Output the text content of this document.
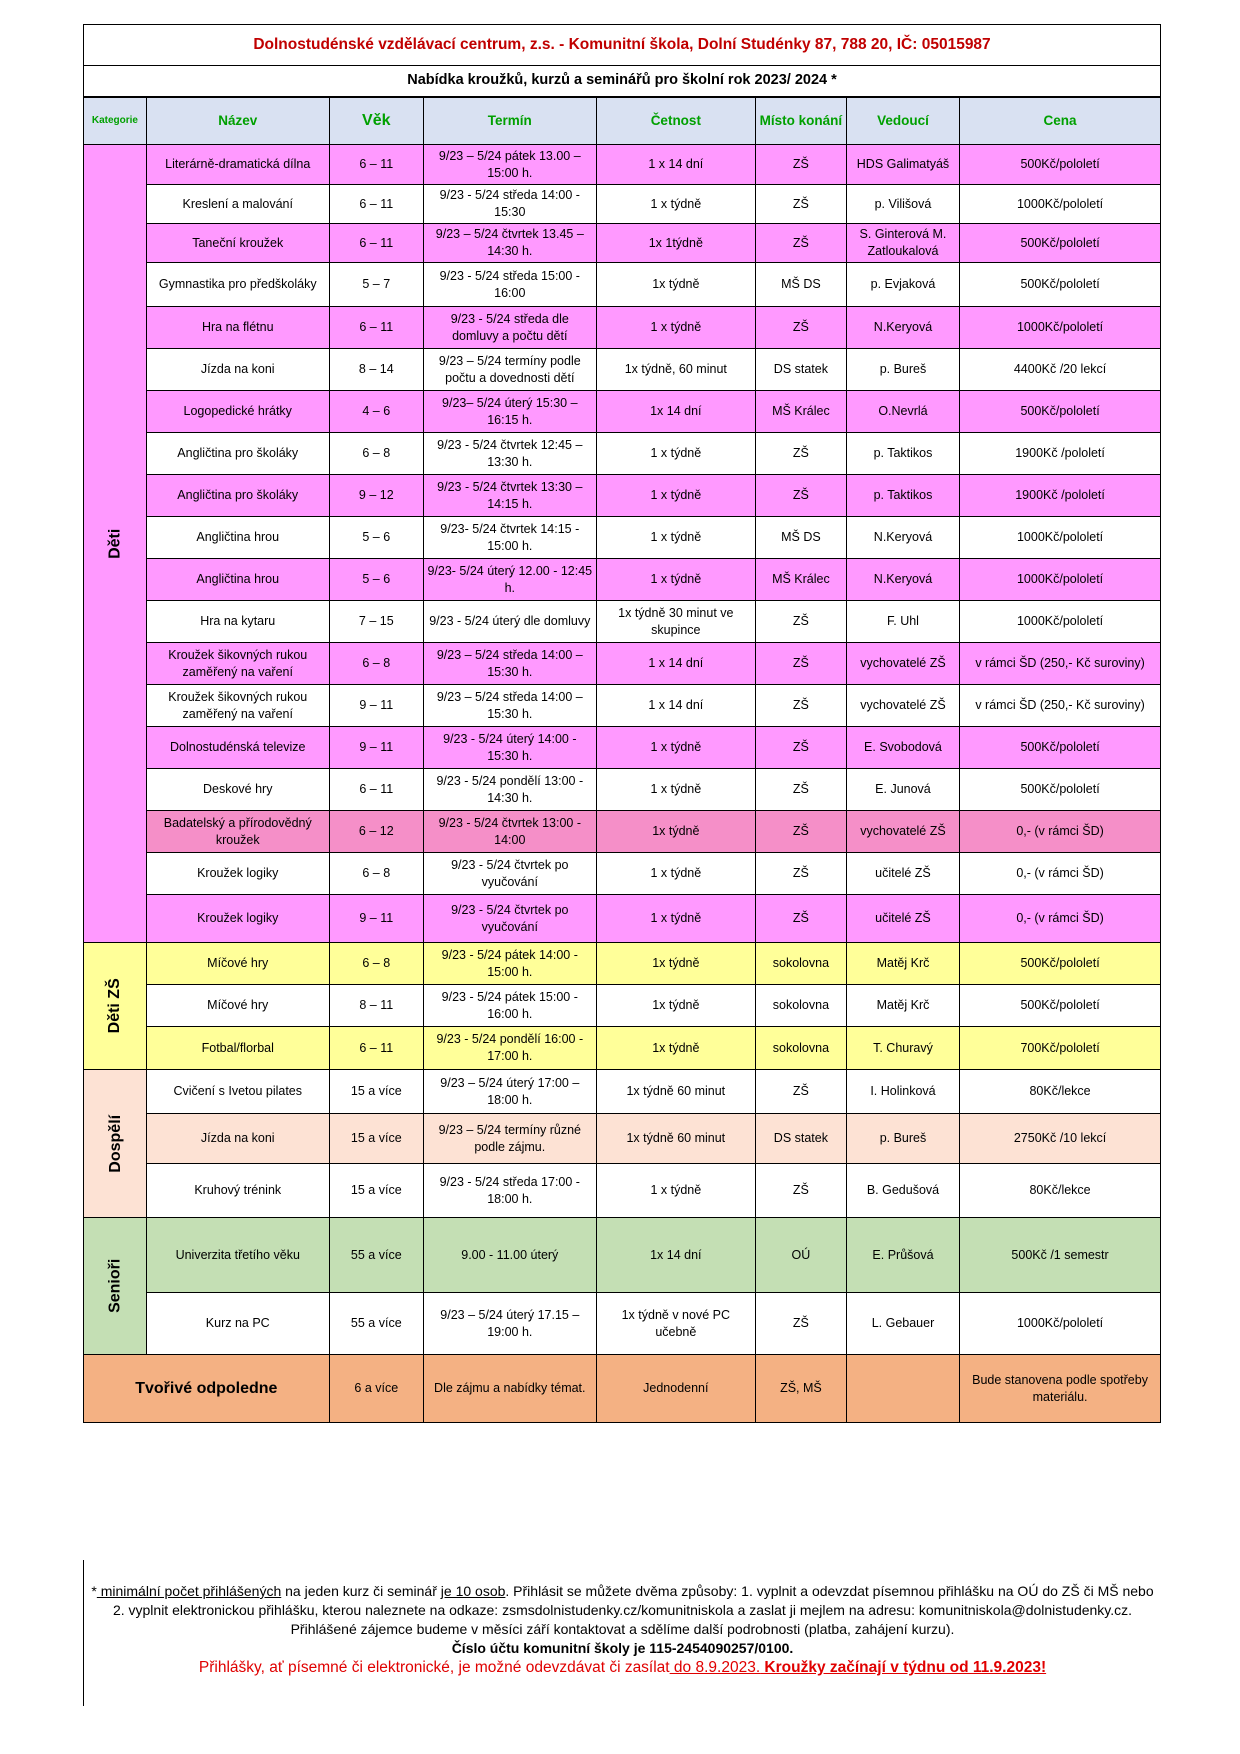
Dolnostudénské vzdělávací centrum, z.s. - Komunitní škola, Dolní Studénky 87, 788 20, IČ: 05015987
Nabídka kroužků, kurzů a seminářů pro školní rok 2023/ 2024 *
Kategorie	Název	Věk	Termín	Četnost	Místo konání	Vedoucí	Cena
Děti	Literárně-dramatická dílna	6 – 11	9/23 – 5/24 pátek 13.00 – 15:00 h.	1 x 14 dní	ZŠ	HDS Galimatyáš	500Kč/pololetí
	Kreslení a malování	6 – 11	9/23 - 5/24 středa 14:00 - 15:30	1 x týdně	ZŠ	p. Vilišová	1000Kč/pololetí
	Taneční kroužek	6 – 11	9/23 – 5/24 čtvrtek 13.45 – 14:30 h.	1x 1týdně	ZŠ	S. Ginterová M. Zatloukalová	500Kč/pololetí
	Gymnastika pro předškoláky	5 – 7	9/23 - 5/24 středa 15:00 - 16:00	1x týdně	MŠ DS	p. Evjaková	500Kč/pololetí
	Hra na flétnu	6 – 11	9/23 - 5/24 středa dle domluvy a počtu dětí	1 x týdně	ZŠ	N.Keryová	1000Kč/pololetí
	Jízda na koni	8 – 14	9/23 – 5/24 termíny podle počtu a dovednosti dětí	1x týdně, 60 minut	DS statek	p. Bureš	4400Kč /20 lekcí
	Logopedické hrátky	4 – 6	9/23– 5/24 úterý 15:30 – 16:15 h.	1x 14 dní	MŠ Králec	O.Nevrlá	500Kč/pololetí
	Angličtina pro školáky	6 – 8	9/23 - 5/24 čtvrtek 12:45 – 13:30 h.	1 x týdně	ZŠ	p. Taktikos	1900Kč /pololetí
	Angličtina pro školáky	9 – 12	9/23 - 5/24 čtvrtek 13:30 – 14:15 h.	1 x týdně	ZŠ	p. Taktikos	1900Kč /pololetí
	Angličtina hrou	5 – 6	9/23- 5/24 čtvrtek 14:15 - 15:00 h.	1 x týdně	MŠ DS	N.Keryová	1000Kč/pololetí
	Angličtina hrou	5 – 6	9/23- 5/24 úterý 12.00 - 12:45 h.	1 x týdně	MŠ Králec	N.Keryová	1000Kč/pololetí
	Hra na kytaru	7 – 15	9/23 - 5/24 úterý dle domluvy	1x týdně 30 minut ve skupince	ZŠ	F. Uhl	1000Kč/pololetí
	Kroužek šikovných rukou zaměřený na vaření	6 – 8	9/23 – 5/24 středa 14:00 – 15:30 h.	1 x 14 dní	ZŠ	vychovatelé ZŠ	v rámci ŠD (250,- Kč suroviny)
	Kroužek šikovných rukou zaměřený na vaření	9 – 11	9/23 – 5/24 středa 14:00 – 15:30 h.	1 x 14 dní	ZŠ	vychovatelé ZŠ	v rámci ŠD (250,- Kč suroviny)
	Dolnostudénská televize	9 – 11	9/23 - 5/24 úterý 14:00 - 15:30 h.	1 x týdně	ZŠ	E. Svobodová	500Kč/pololetí
	Deskové hry	6 – 11	9/23 - 5/24 pondělí 13:00 - 14:30 h.	1 x týdně	ZŠ	E. Junová	500Kč/pololetí
	Badatelský a přírodovědný kroužek	6 – 12	9/23 - 5/24 čtvrtek 13:00 - 14:00	1x týdně	ZŠ	vychovatelé ZŠ	0,- (v rámci ŠD)
	Kroužek logiky	6 – 8	9/23 - 5/24 čtvrtek po vyučování	1 x týdně	ZŠ	učitelé ZŠ	0,- (v rámci ŠD)
	Kroužek logiky	9 – 11	9/23 - 5/24 čtvrtek po vyučování	1 x týdně	ZŠ	učitelé ZŠ	0,- (v rámci ŠD)
Děti ZŠ	Míčové hry	6 – 8	9/23 - 5/24 pátek 14:00 - 15:00 h.	1x týdně	sokolovna	Matěj Krč	500Kč/pololetí
	Míčové hry	8 – 11	9/23 - 5/24 pátek 15:00 - 16:00 h.	1x týdně	sokolovna	Matěj Krč	500Kč/pololetí
	Fotbal/florbal	6 – 11	9/23 - 5/24 pondělí 16:00 - 17:00 h.	1x týdně	sokolovna	T. Churavý	700Kč/pololetí
Dospělí	Cvičení s Ivetou pilates	15 a více	9/23 – 5/24 úterý 17:00 – 18:00 h.	1x týdně 60 minut	ZŠ	I. Holinková	80Kč/lekce
	Jízda na koni	15 a více	9/23 – 5/24 termíny různé podle zájmu.	1x týdně 60 minut	DS statek	p. Bureš	2750Kč /10 lekcí
	Kruhový trénink	15 a více	9/23 - 5/24 středa 17:00 - 18:00 h.	1 x týdně	ZŠ	B. Gedušová	80Kč/lekce
Senioři	Univerzita třetího věku	55 a více	9.00 - 11.00 úterý	1x 14 dní	OÚ	E. Průšová	500Kč /1 semestr
	Kurz na PC	55 a více	9/23 – 5/24 úterý 17.15 – 19:00 h.	1x týdně v nové PC učebně	ZŠ	L. Gebauer	1000Kč/pololetí
Tvořivé odpoledne		6 a více	Dle zájmu a nabídky témat.	Jednodenní	ZŠ, MŠ		Bude stanovena podle spotřeby materiálu.
* minimální počet přihlášených na jeden kurz či seminář je 10 osob. Přihlásit se můžete dvěma způsoby: 1. vyplnit a odevzdat písemnou přihlášku na OÚ do ZŠ či MŠ nebo 2. vyplnit elektronickou přihlášku, kterou naleznete na odkaze: zsmsdolnistudenky.cz/komunitniskola a zaslat ji mejlem na adresu: komunitniskola@dolnistudenky.cz. Přihlášené zájemce budeme v měsíci září kontaktovat a sdělíme další podrobnosti (platba, zahájení kurzu).
Číslo účtu komunitní školy je 115-2454090257/0100.
Přihlášky, ať písemné či elektronické, je možné odevzdávat či zasílat do 8.9.2023. Kroužky začínají v týdnu od 11.9.2023!
